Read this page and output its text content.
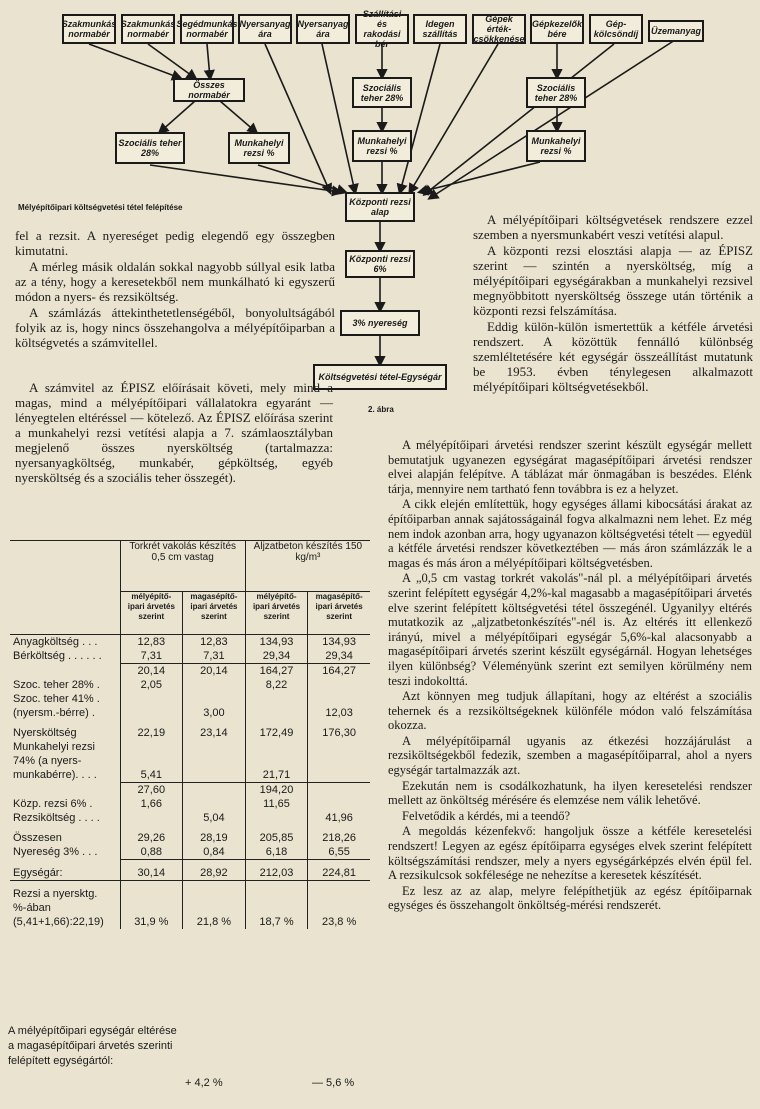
Szakmunkás normabér
Szakmunkás normabér
Segédmunkás normabér
Nyersanyag ára
Nyersanyag ára
Szállítási és rakodási bér
Idegen szállítás
Gépek érték-csökkenése
Gépkezelők bére
Gép-kölcsöndíj	Üzemanyag
Összes normabér
Szociális teher 28%
Munkahelyi rezsi %
Szociális teher 28%
Munkahelyi rezsi %
Szociális teher 28%
Munkahelyi rezsi %
Központi rezsi alap
Központi rezsi 6%
3% nyereség
Költségvetési tétel-Egységár
Mélyépítőipari költségvetési tétel felépítése
2. ábra

fel a rezsit. A nyereséget pedig elegendő egy összegben kimutatni.

A mérleg másik oldalán sokkal nagyobb súllyal esik latba az a tény, hogy a keresetekből nem munkálható ki egyszerű módon a nyers- és rezsiköltség.

A számlázás áttekinthetetlenségéből, bonyolultságából folyik az is, hogy nincs összehangolva a mélyépítőiparban a költségvetés a számvitellel.

A számvitel az ÉPISZ előírásait követi, mely mind a magas, mind a mélyépítőipari vállalatokra egyaránt — lényegtelen eltéréssel — kötelező. Az ÉPISZ előírása szerint a munkahelyi rezsi vetítési alapja a 7. számlaosztályban megjelenő összes nyersköltség (tartalmazza: nyersanyagköltség, munkabér, gépköltség, egyéb nyersköltség és a szociális teher összegét).

A mélyépítőipari költségvetések rendszere ezzel szemben a nyersmunkabért veszi vetítési alapul.

A központi rezsi elosztási alapja — az ÉPISZ szerint — szintén a nyersköltség, míg a mélyépítőipari egységárakban a munkahelyi rezsivel megnyöbbitott nyersköltség összege után történik a központi rezsi felszámítása.

Eddig külön-külön ismertettük a kétféle árvetési rendszert. A közöttük fennálló különbség szemléltetésére két egységár összeállítást mutatunk be 1953. évben ténylegesen alkalmazott mélyépítőipari költségvetésekből.

A mélyépítőipari árvetési rendszer szerint készült egységár mellett bemutatjuk ugyanezen egységárat magasépítőipari árvetési rendszer elvei alapján felépítve. A táblázat már önmagában is beszédes. Elénk tárja, mennyire nem tartható fenn továbbra is ez a helyzet.

A cikk elején említettük, hogy egységes állami kibocsátási árakat az építőiparban annak sajátosságainál fogva alkalmazni nem lehet. Ez még nem indok azonban arra, hogy ugyanazon költségvetési tételt — egyedül a kétféle árvetési rendszer következtében — más áron számlázzák le a magas és más áron a mélyépítőipari költségvetésben.

A „0,5 cm vastag torkrét vakolás"-nál pl. a mélyépítőipari árvetés szerint felépített egységár 4,2%-kal magasabb a magasépítőipari árvetés elve szerint felépített költségvetési tétel összegénél. Ugyanilyy eltérés mutatkozik az „aljzatbetonkészítés"-nél is. Az eltérés itt ellenkező irányú, mivel a mélyépítőipari egységár 5,6%-kal alacsonyabb a magasépítőipari árvetés szerint készült egységárnál. Hogyan lehetséges ilyen különbség? Véleményünk szerint ezt semilyen körülmény nem teszi indokolttá.

Azt könnyen meg tudjuk állapítani, hogy az eltérést a szociális tehernek és a rezsiköltségeknek különféle módon való felszámítása okozza.

A mélyépítőiparnál ugyanis az étkezési hozzájárulást a rezsiköltségekből fedezik, szemben a magasépítőiparral, ahol a nyers egységár tartalmazzák azt.

Ezekután nem is csodálkozhatunk, ha ilyen keresetelési rendszer mellett az önköltség mérésére és elemzése nem válik lehetővé.

Felvetődik a kérdés, mi a teendő?

A megoldás kézenfekvő: hangoljuk össze a kétféle keresetelési rendszert! Legyen az egész építőiparra egységes elvek szerint felépített költségszámítási rendszer, mely a nyers egységárképzés elvén épül fel. A rezsikulcsok sokfélesége ne nehezítse a keresetek készítését.

Ez lesz az az alap, melyre felépíthetjük az egész építőiparnak egységes és összehangolt önköltség-mérési rendszerét.

	Torkrét vakolás készítés 0,5 cm vastag		Aljzatbeton készítés 150 kg/m³	
	mélyépítő-ipari árvetés szerint	magasépítő-ipari árvetés szerint	mélyépítő-ipari árvetés szerint	magasépítő-ipari árvetés szerint
Anyagköltség . . .	12,83	12,83	134,93	134,93
Bérköltség . . . . . .	7,31	7,31	29,34	29,34
	20,14	20,14	164,27	164,27
Szoc. teher 28% .	2,05		8,22	
Szoc. teher 41% .				
(nyersm.-bérre) .		3,00		12,03
Nyersköltség	22,19	23,14	172,49	176,30
Munkahelyi rezsi				
74% (a nyers-				
munkabérre). . . .	5,41		21,71	
	27,60		194,20	
Közp. rezsi 6% .	1,66		11,65	
Rezsiköltség . . . .		5,04		41,96
Összesen	29,26	28,19	205,85	218,26
Nyereség 3% . . .	0,88	0,84	6,18	6,55
Egységár:	30,14	28,92	212,03	224,81
Rezsi a nyersktg.				
%-ában				
(5,41+1,66):22,19)	31,9 %	21,8 %	18,7 %	23,8 %
A mélyépítőipari egységár eltérése a magasépítőipari árvetés szerinti felépített egységártól:
+ 4,2 %	— 5,6 %
